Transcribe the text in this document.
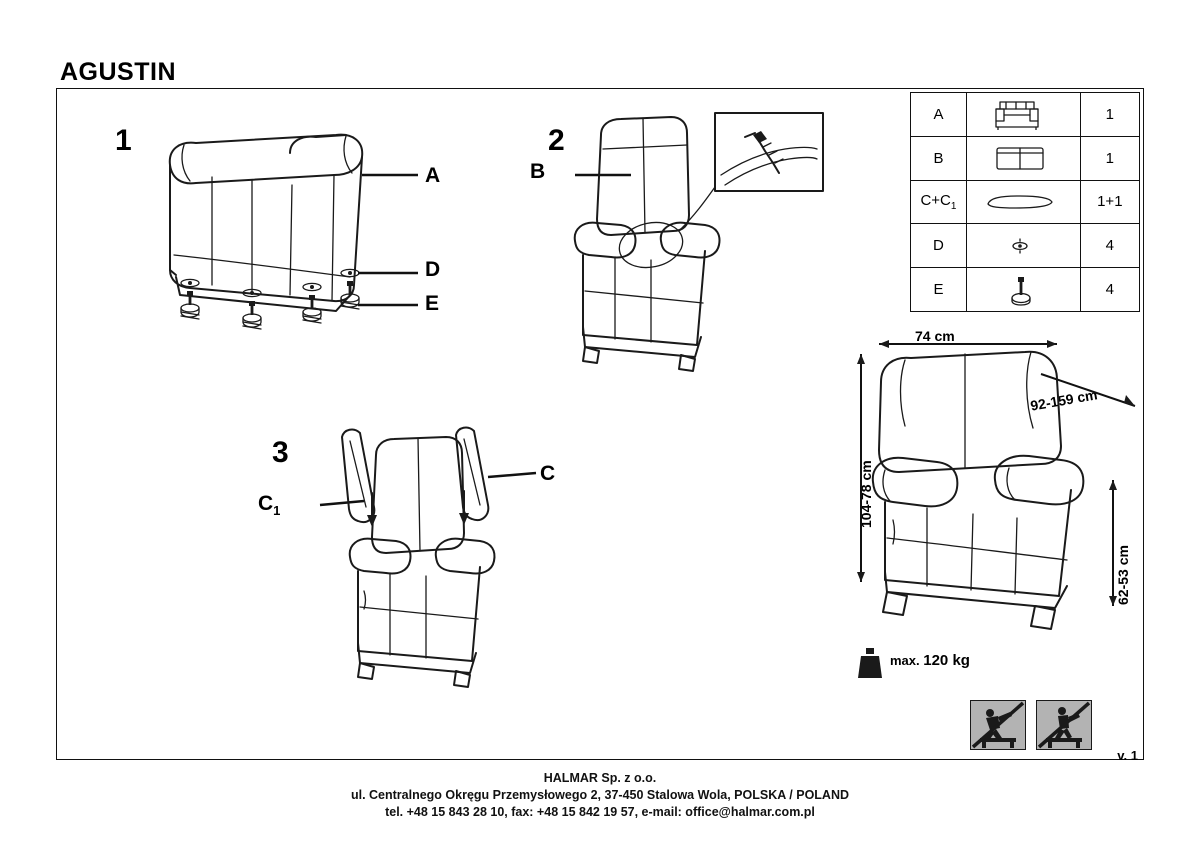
AGUSTIN
A		1
B		1
$C+C_1$		1+1
D		4
E		4
1
A
D
E
2
B
3
C
$C_1$
74 cm
92-159 cm
104-78 cm
62-53 cm
max. 120 kg
v. 1
HALMAR Sp. z o.o.
ul. Centralnego Okręgu Przemysłowego 2, 37-450 Stalowa Wola, POLSKA / POLAND
tel. +48 15 843 28 10, fax: +48 15 842 19 57, e-mail: office@halmar.com.pl
